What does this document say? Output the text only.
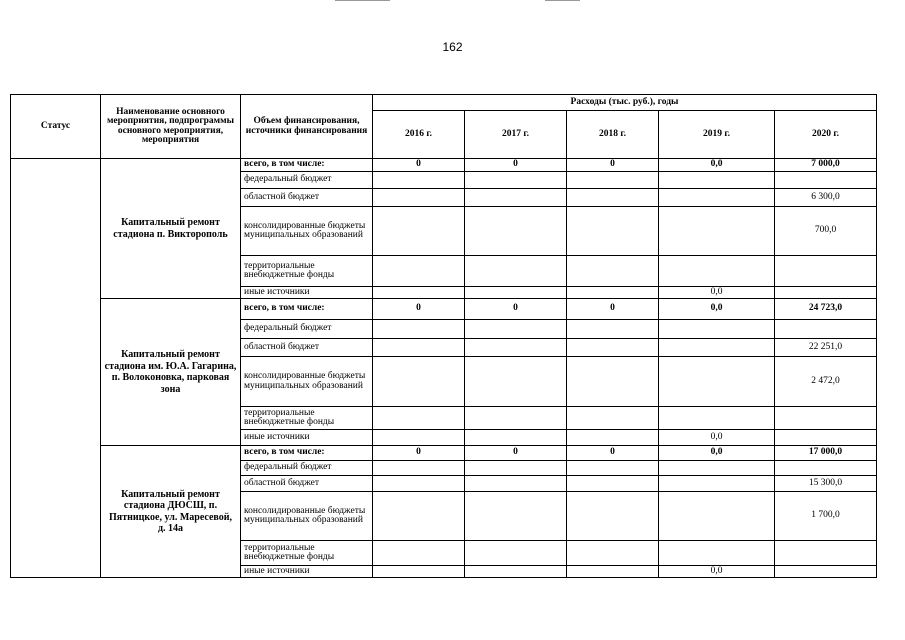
162
Статус	Наименование основного мероприятия, подпрограммы основного мероприятия, мероприятия	Объем финансирования, источники финансирования	Расходы (тыс. руб.), годы				
			2016 г.	2017 г.	2018 г.	2019 г.	2020 г.
	Капитальный ремонт стадиона п. Викторополь	всего, в том числе:	0	0	0	0,0	7 000,0
		федеральный бюджет					
		областной бюджет					6 300,0
		консолидированные бюджеты муниципальных образований					700,0
		территориальные внебюджетные фонды					
		иные источники				0,0	
	Капитальный ремонт стадиона им. Ю.А. Гагарина, п. Волоконовка, парковая зона	всего, в том числе:	0	0	0	0,0	24 723,0
		федеральный бюджет					
		областной бюджет					22 251,0
		консолидированные бюджеты муниципальных образований					2 472,0
		территориальные внебюджетные фонды					
		иные источники				0,0	
	Капитальный ремонт стадиона ДЮСШ, п. Пятницкое, ул. Маресевой, д. 14а	всего, в том числе:	0	0	0	0,0	17 000,0
		федеральный бюджет					
		областной бюджет					15 300,0
		консолидированные бюджеты муниципальных образований					1 700,0
		территориальные внебюджетные фонды					
		иные источники				0,0	
